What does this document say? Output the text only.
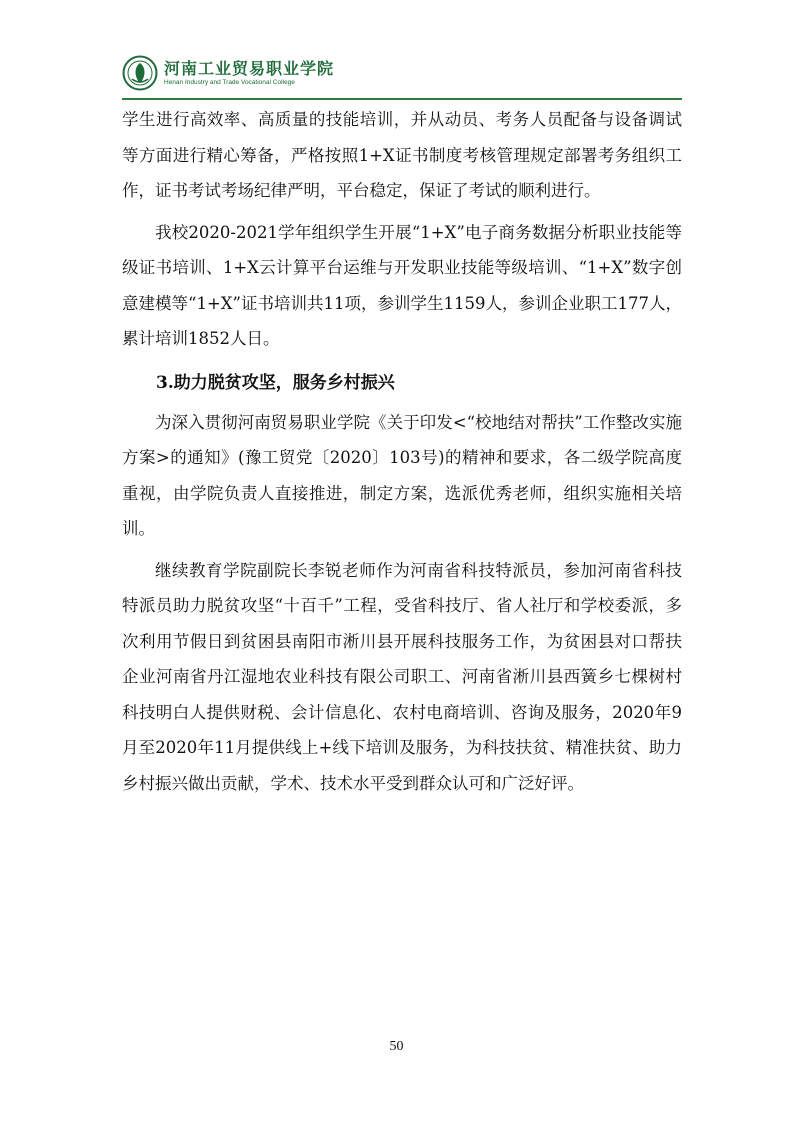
河南工业贸易职业学院
Henan Industry and Trade Vocational College

学生进行高效率、高质量的技能培训，并从动员、考务人员配备与设备调试等方面进行精心筹备，严格按照1+X证书制度考核管理规定部署考务组织工作，证书考试考场纪律严明，平台稳定，保证了考试的顺利进行。

我校2020-2021学年组织学生开展“1+X”电子商务数据分析职业技能等级证书培训、1+X云计算平台运维与开发职业技能等级培训、“1+X”数字创意建模等“1+X”证书培训共11项，参训学生1159人，参训企业职工177人，累计培训1852人日。

3.助力脱贫攻坚，服务乡村振兴

为深入贯彻河南贸易职业学院《关于印发<“校地结对帮扶”工作整改实施方案>的通知》(豫工贸党〔2020〕103号)的精神和要求，各二级学院高度重视，由学院负责人直接推进，制定方案，选派优秀老师，组织实施相关培训。

继续教育学院副院长李锐老师作为河南省科技特派员，参加河南省科技特派员助力脱贫攻坚“十百千”工程，受省科技厅、省人社厅和学校委派，多次利用节假日到贫困县南阳市淅川县开展科技服务工作，为贫困县对口帮扶企业河南省丹江湿地农业科技有限公司职工、河南省淅川县西簧乡七棵树村科技明白人提供财税、会计信息化、农村电商培训、咨询及服务，2020年9月至2020年11月提供线上+线下培训及服务，为科技扶贫、精准扶贫、助力乡村振兴做出贡献，学术、技术水平受到群众认可和广泛好评。

50
